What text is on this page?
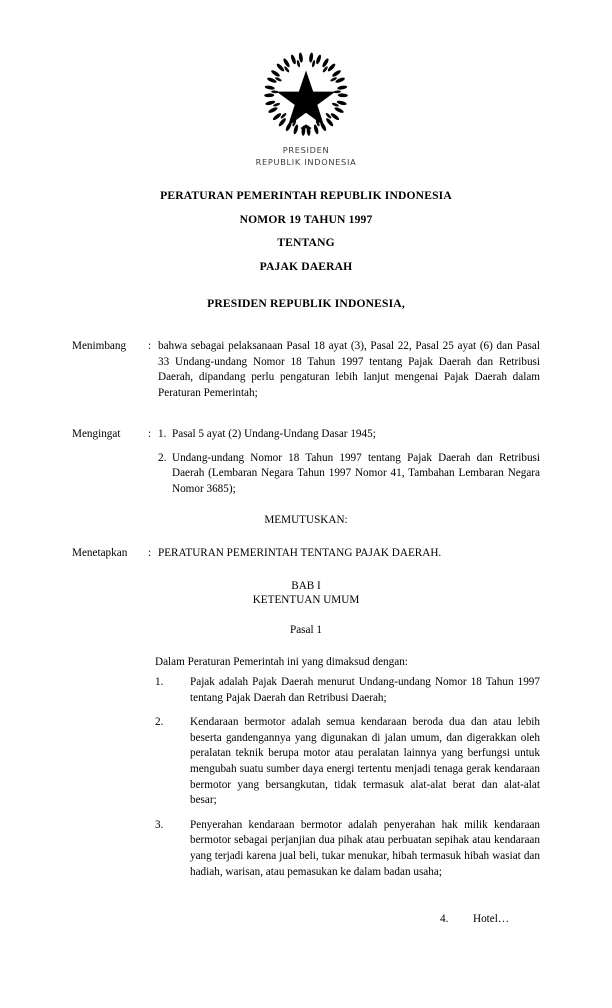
PRESIDEN
REPUBLIK INDONESIA
PERATURAN PEMERINTAH REPUBLIK INDONESIA
NOMOR 19 TAHUN 1997
TENTANG
PAJAK DAERAH
PRESIDEN REPUBLIK INDONESIA,
Menimbang	: bahwa sebagai pelaksanaan Pasal 18 ayat (3), Pasal 22, Pasal 25 ayat (6) dan Pasal 33 Undang-undang Nomor 18 Tahun 1997 tentang Pajak Daerah dan Retribusi Daerah, dipandang perlu pengaturan lebih lanjut mengenai Pajak Daerah dalam Peraturan Pemerintah;

Mengingat	: 1. Pasal 5 ayat (2) Undang-Undang Dasar 1945;
2. Undang-undang Nomor 18 Tahun 1997 tentang Pajak Daerah dan Retribusi Daerah (Lembaran Negara Tahun 1997 Nomor 41, Tambahan Lembaran Negara Nomor 3685);
MEMUTUSKAN:
Menetapkan	: PERATURAN PEMERINTAH TENTANG PAJAK DAERAH.

BAB I
KETENTUAN UMUM
Pasal 1
Dalam Peraturan Pemerintah ini yang dimaksud dengan:
1. Pajak adalah Pajak Daerah menurut Undang-undang Nomor 18 Tahun 1997 tentang Pajak Daerah dan Retribusi Daerah;
2. Kendaraan bermotor adalah semua kendaraan beroda dua dan atau lebih beserta gandengannya yang digunakan di jalan umum, dan digerakkan oleh peralatan teknik berupa motor atau peralatan lainnya yang berfungsi untuk mengubah suatu sumber daya energi tertentu menjadi tenaga gerak kendaraan bermotor yang bersangkutan, tidak termasuk alat-alat berat dan alat-alat besar;
3. Penyerahan kendaraan bermotor adalah penyerahan hak milik kendaraan bermotor sebagai perjanjian dua pihak atau perbuatan sepihak atau kendaraan yang terjadi karena jual beli, tukar menukar, hibah termasuk hibah wasiat dan hadiah, warisan, atau pemasukan ke dalam badan usaha;
4. Hotel…
